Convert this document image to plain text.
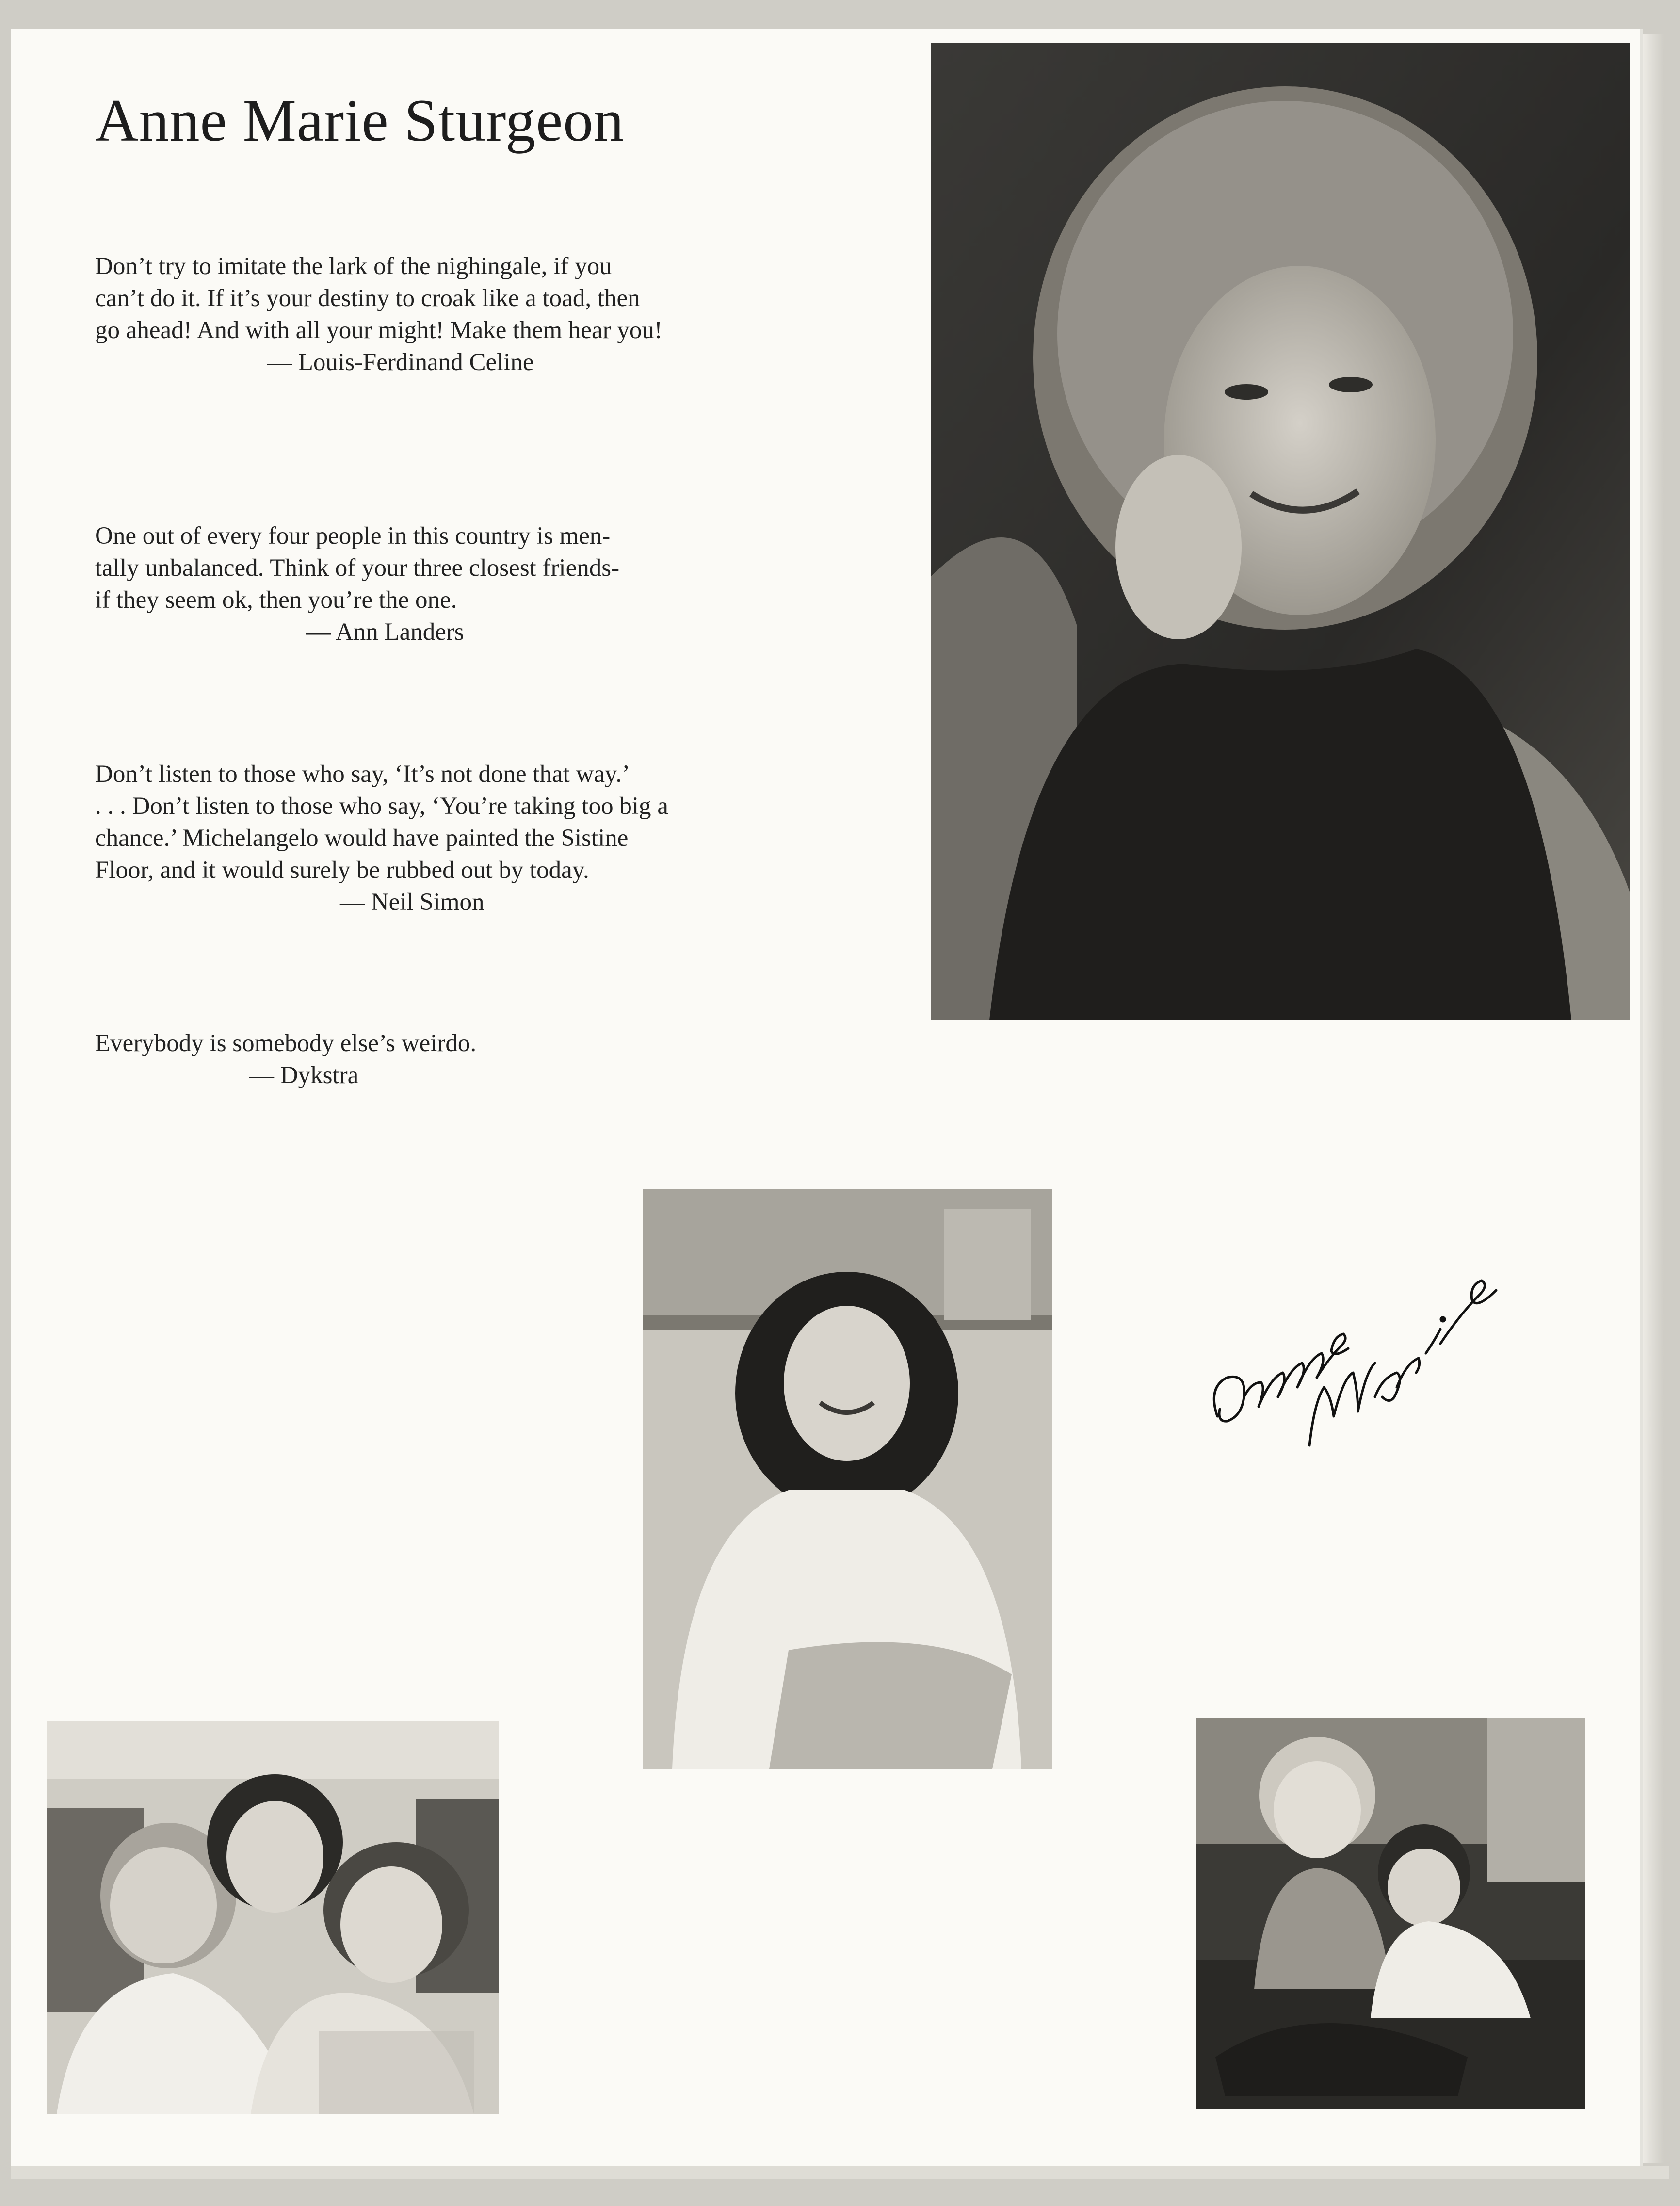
Anne Marie Sturgeon
Don’t try to imitate the lark of the nighingale, if you
can’t do it. If it’s your destiny to croak like a toad, then
go ahead! And with all your might! Make them hear you!
— Louis-Ferdinand Celine
One out of every four people in this country is men-
tally unbalanced. Think of your three closest friends-
if they seem ok, then you’re the one.
— Ann Landers
Don’t listen to those who say, ‘It’s not done that way.’
. . . Don’t listen to those who say, ‘You’re taking too big a
chance.’ Michelangelo would have painted the Sistine
Floor, and it would surely be rubbed out by today.
— Neil Simon
Everybody is somebody else’s weirdo.
— Dykstra
